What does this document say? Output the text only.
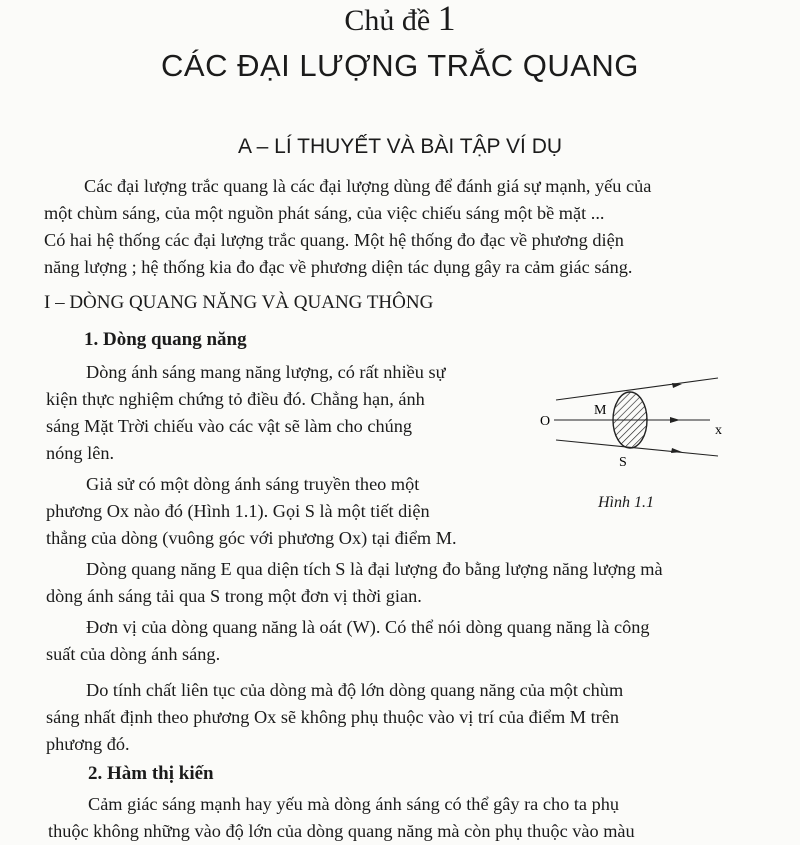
Chủ đề 1
CÁC ĐẠI LƯỢNG TRẮC QUANG
A – LÍ THUYẾT VÀ BÀI TẬP VÍ DỤ
Các đại lượng trắc quang là các đại lượng dùng để đánh giá sự mạnh, yếu của
một chùm sáng, của một nguồn phát sáng, của việc chiếu sáng một bề mặt ...
Có hai hệ thống các đại lượng trắc quang. Một hệ thống đo đạc về phương diện
năng lượng ; hệ thống kia đo đạc về phương diện tác dụng gây ra cảm giác sáng.
I – DÒNG QUANG NĂNG VÀ QUANG THÔNG
1. Dòng quang năng
Dòng ánh sáng mang năng lượng, có rất nhiều sự
kiện thực nghiệm chứng tỏ điều đó. Chẳng hạn, ánh
sáng Mặt Trời chiếu vào các vật sẽ làm cho chúng
nóng lên.
Giả sử có một dòng ánh sáng truyền theo một
phương Ox nào đó (Hình 1.1). Gọi S là một tiết diện
thẳng của dòng (vuông góc với phương Ox) tại điểm M.
O
M
x
S
Hình 1.1
Dòng quang năng E qua diện tích S là đại lượng đo bằng lượng năng lượng mà
dòng ánh sáng tải qua S trong một đơn vị thời gian.
Đơn vị của dòng quang năng là oát (W). Có thể nói dòng quang năng là công
suất của dòng ánh sáng.
Do tính chất liên tục của dòng mà độ lớn dòng quang năng của một chùm
sáng nhất định theo phương Ox sẽ không phụ thuộc vào vị trí của điểm M trên
phương đó.
2. Hàm thị kiến
Cảm giác sáng mạnh hay yếu mà dòng ánh sáng có thể gây ra cho ta phụ
thuộc không những vào độ lớn của dòng quang năng mà còn phụ thuộc vào màu
